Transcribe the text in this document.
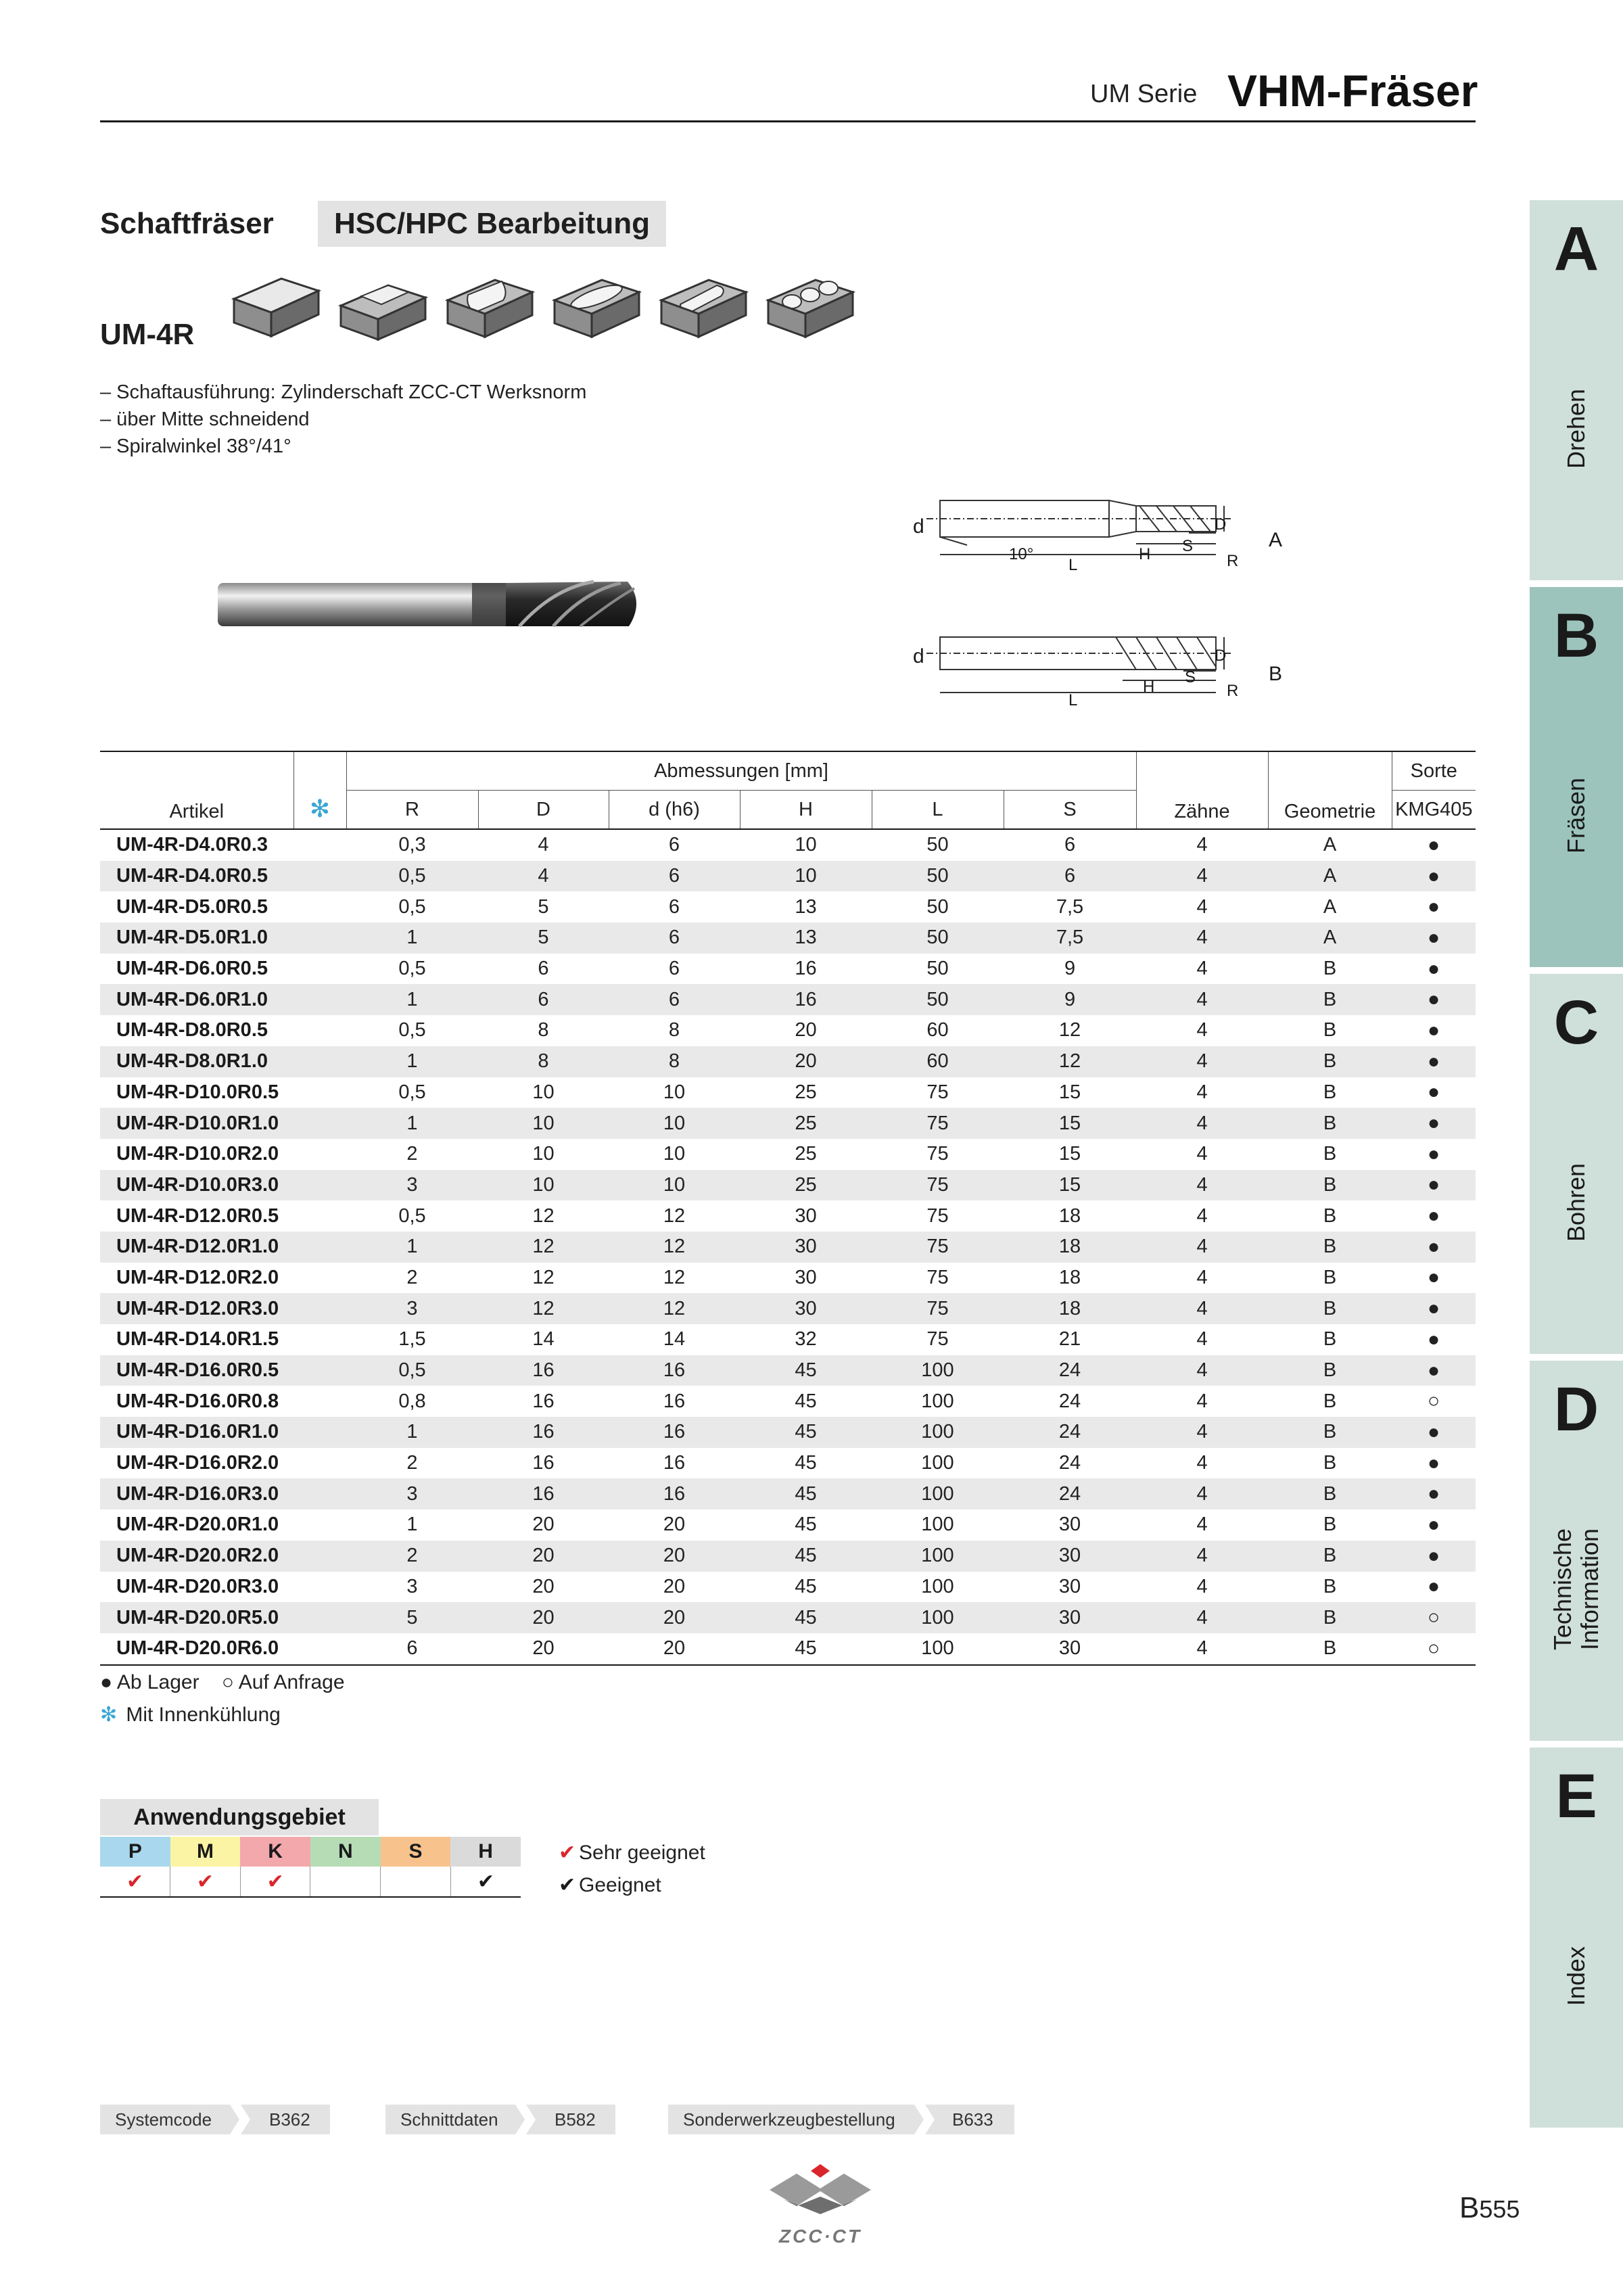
UM Serie VHM-Fräser
Schaftfräser	HSC/HPC Bearbeitung
UM-4R
– Schaftausführung: Zylinderschaft ZCC-CT Werksnorm
– über Mitte schneidend
– Spiralwinkel 38°/41°
d
10°
L
H S
D
R
A
d
L
H
S
D
R
B
Artikel	✻	Abmessungen [mm]						Zähne	Geometrie	Sorte
		R	D	d (h6)	H	L	S			KMG405
UM-4R-D4.0R0.3		0,3	4	6	10	50	6	4	A	●
UM-4R-D4.0R0.5		0,5	4	6	10	50	6	4	A	●
UM-4R-D5.0R0.5		0,5	5	6	13	50	7,5	4	A	●
UM-4R-D5.0R1.0		1	5	6	13	50	7,5	4	A	●
UM-4R-D6.0R0.5		0,5	6	6	16	50	9	4	B	●
UM-4R-D6.0R1.0		1	6	6	16	50	9	4	B	●
UM-4R-D8.0R0.5		0,5	8	8	20	60	12	4	B	●
UM-4R-D8.0R1.0		1	8	8	20	60	12	4	B	●
UM-4R-D10.0R0.5		0,5	10	10	25	75	15	4	B	●
UM-4R-D10.0R1.0		1	10	10	25	75	15	4	B	●
UM-4R-D10.0R2.0		2	10	10	25	75	15	4	B	●
UM-4R-D10.0R3.0		3	10	10	25	75	15	4	B	●
UM-4R-D12.0R0.5		0,5	12	12	30	75	18	4	B	●
UM-4R-D12.0R1.0		1	12	12	30	75	18	4	B	●
UM-4R-D12.0R2.0		2	12	12	30	75	18	4	B	●
UM-4R-D12.0R3.0		3	12	12	30	75	18	4	B	●
UM-4R-D14.0R1.5		1,5	14	14	32	75	21	4	B	●
UM-4R-D16.0R0.5		0,5	16	16	45	100	24	4	B	●
UM-4R-D16.0R0.8		0,8	16	16	45	100	24	4	B	○
UM-4R-D16.0R1.0		1	16	16	45	100	24	4	B	●
UM-4R-D16.0R2.0		2	16	16	45	100	24	4	B	●
UM-4R-D16.0R3.0		3	16	16	45	100	24	4	B	●
UM-4R-D20.0R1.0		1	20	20	45	100	30	4	B	●
UM-4R-D20.0R2.0		2	20	20	45	100	30	4	B	●
UM-4R-D20.0R3.0		3	20	20	45	100	30	4	B	●
UM-4R-D20.0R5.0		5	20	20	45	100	30	4	B	○
UM-4R-D20.0R6.0		6	20	20	45	100	30	4	B	○
● Ab Lager ○ Auf Anfrage
✻ Mit Innenkühlung
Anwendungsgebiet
P	M	K	N	S	H
✔	✔	✔			✔
✔ Sehr geeignet
✔ Geeignet
Systemcode	B362	Schnittdaten	B582	Sonderwerkzeugbestellung	B633
ZCC·CT
B555
A
Drehen
B
Fräsen
C
Bohren
D
Technische
Information
E
Index
